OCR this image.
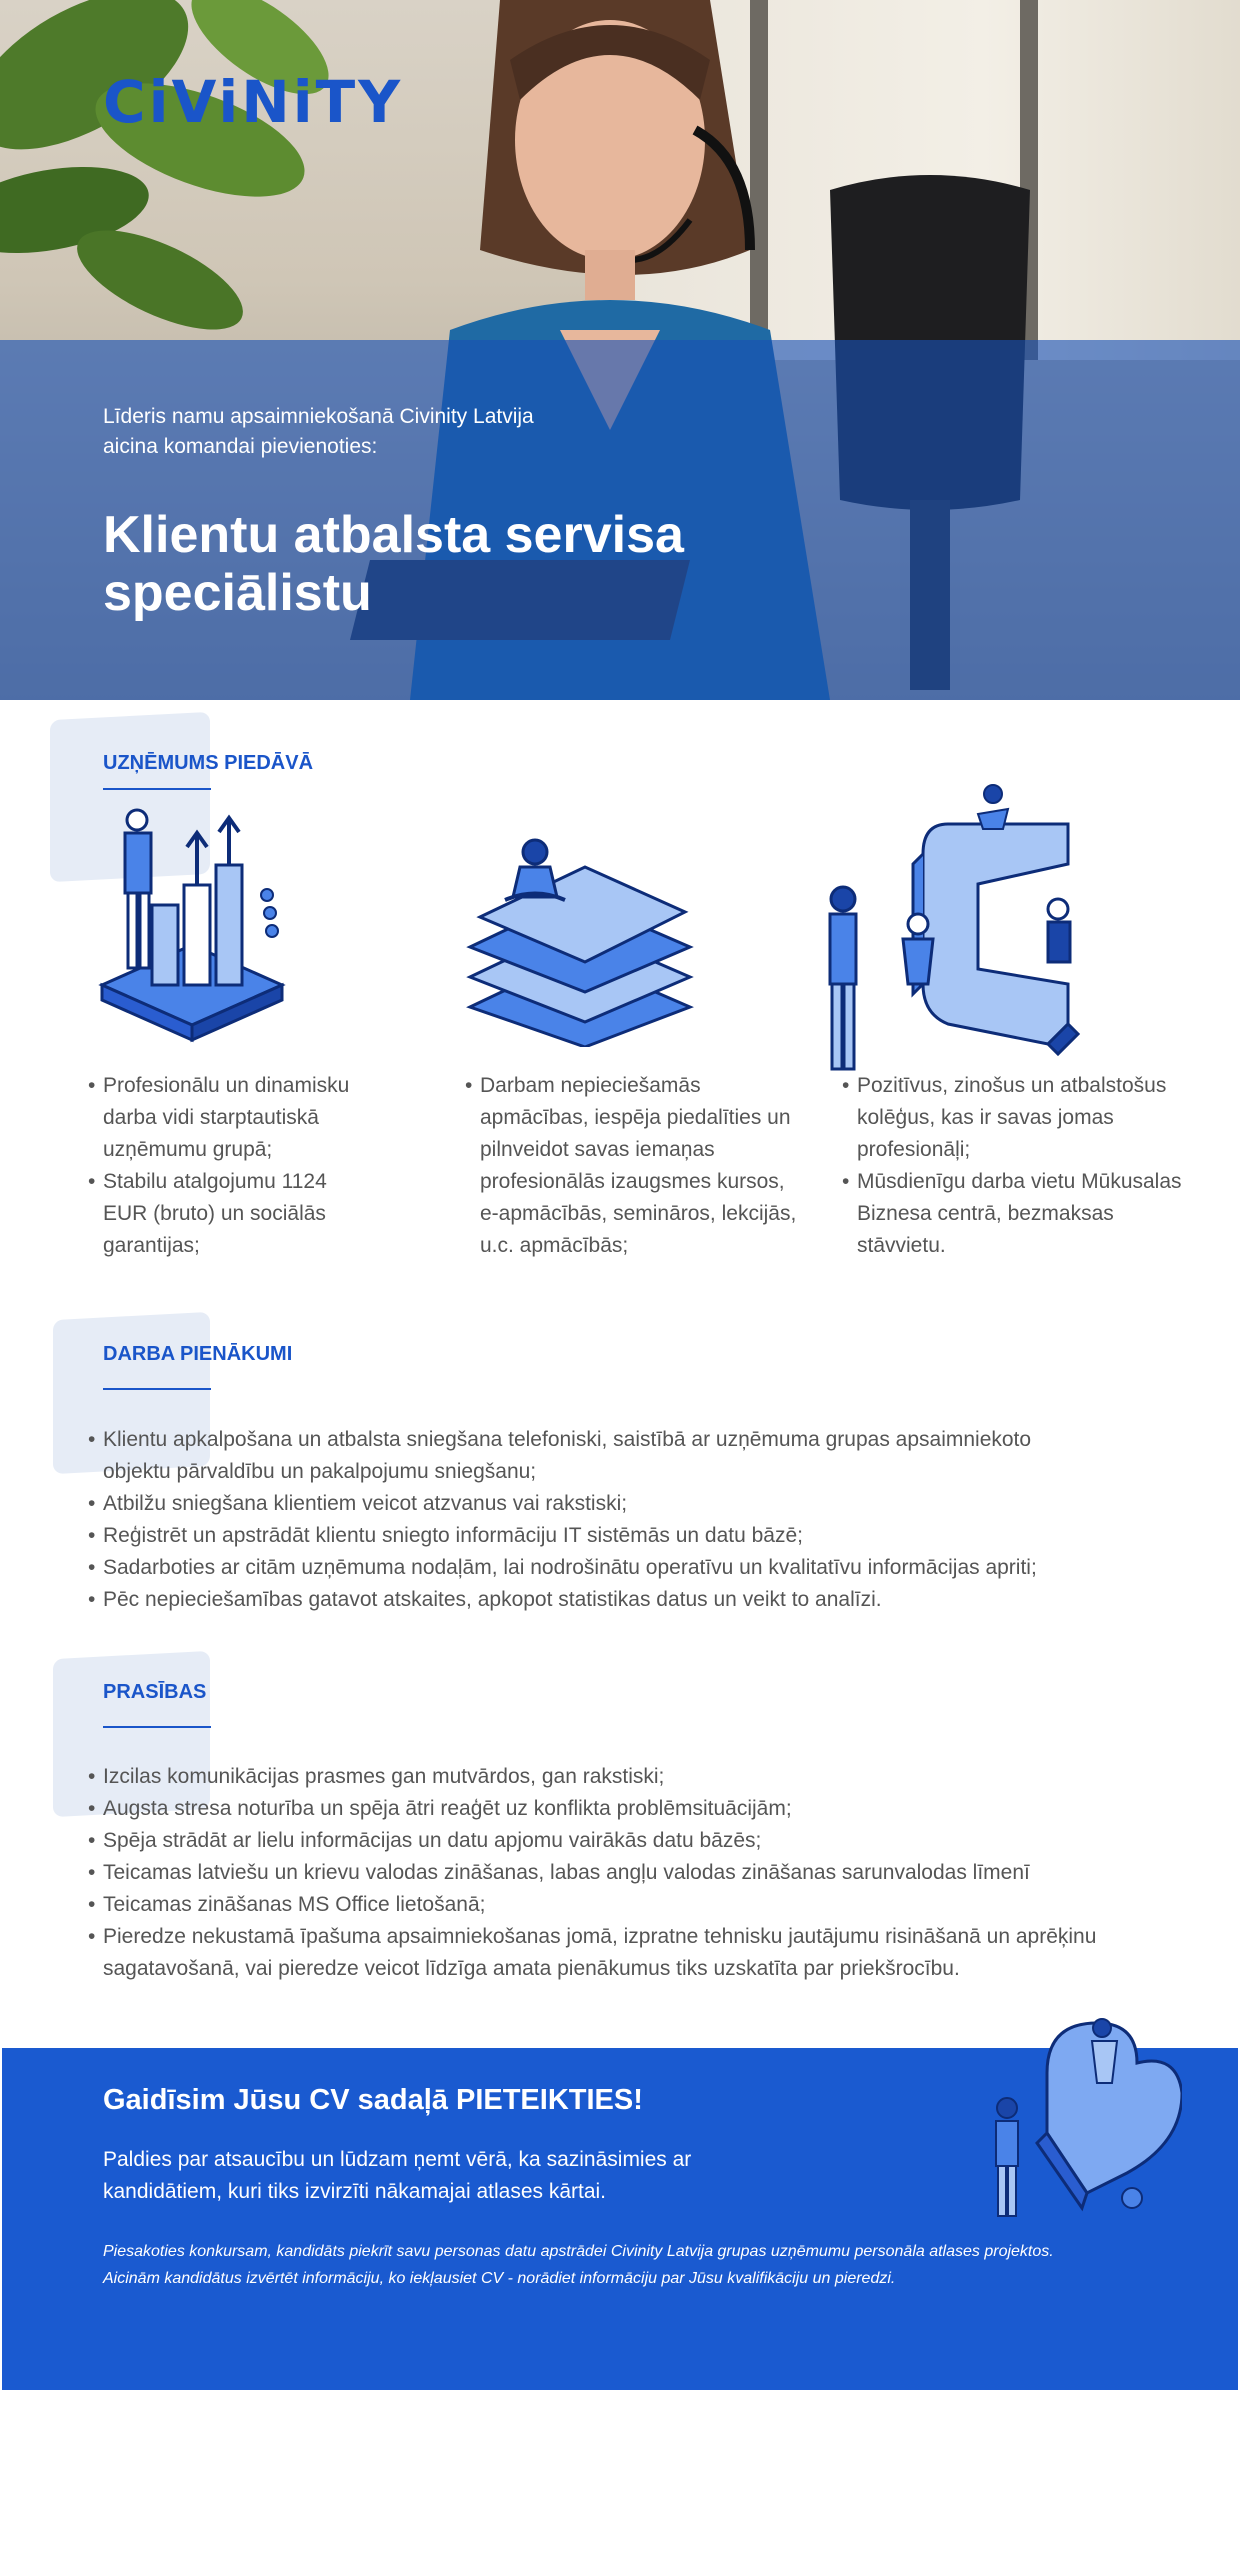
CiViNiTY
Līderis namu apsaimniekošanā Civinity Latvija aicina komandai pievienoties:
Klientu atbalsta servisa speciālistu
UZŅĒMUMS PIEDĀVĀ
• Profesionālu un dinamisku darba vidi starptautiskā uzņēmumu grupā;
• Stabilu atalgojumu 1124 EUR (bruto) un sociālās garantijas;
• Darbam nepieciešamās apmācības, iespēja piedalīties un pilnveidot savas iemaņas profesionālās izaugsmes kursos, e-apmācībās, semināros, lekcijās, u.c. apmācībās;
• Pozitīvus, zinošus un atbalstošus kolēģus, kas ir savas jomas profesionāļi;
• Mūsdienīgu darba vietu Mūkusalas Biznesa centrā, bezmaksas stāvvietu.
DARBA PIENĀKUMI
• Klientu apkalpošana un atbalsta sniegšana telefoniski, saistībā ar uzņēmuma grupas apsaimniekoto objektu pārvaldību un pakalpojumu sniegšanu;
• Atbilžu sniegšana klientiem veicot atzvanus vai rakstiski;
• Reģistrēt un apstrādāt klientu sniegto informāciju IT sistēmās un datu bāzē;
• Sadarboties ar citām uzņēmuma nodaļām, lai nodrošinātu operatīvu un kvalitatīvu informācijas apriti;
• Pēc nepieciešamības gatavot atskaites, apkopot statistikas datus un veikt to analīzi.
PRASĪBAS
• Izcilas komunikācijas prasmes gan mutvārdos, gan rakstiski;
• Augsta stresa noturība un spēja ātri reaģēt uz konflikta problēmsituācijām;
• Spēja strādāt ar lielu informācijas un datu apjomu vairākās datu bāzēs;
• Teicamas latviešu un krievu valodas zināšanas, labas angļu valodas zināšanas sarunvalodas līmenī
• Teicamas zināšanas MS Office lietošanā;
• Pieredze nekustamā īpašuma apsaimniekošanas jomā, izpratne tehnisku jautājumu risināšanā un aprēķinu sagatavošanā, vai pieredze veicot līdzīga amata pienākumus tiks uzskatīta par priekšrocību.
Gaidīsim Jūsu CV sadaļā PIETEIKTIES!
Paldies par atsaucību un lūdzam ņemt vērā, ka sazināsimies ar kandidātiem, kuri tiks izvirzīti nākamajai atlases kārtai.
Piesakoties konkursam, kandidāts piekrīt savu personas datu apstrādei Civinity Latvija grupas uzņēmumu personāla atlases projektos. Aicinām kandidātus izvērtēt informāciju, ko iekļausiet CV - norādiet informāciju par Jūsu kvalifikāciju un pieredzi.
